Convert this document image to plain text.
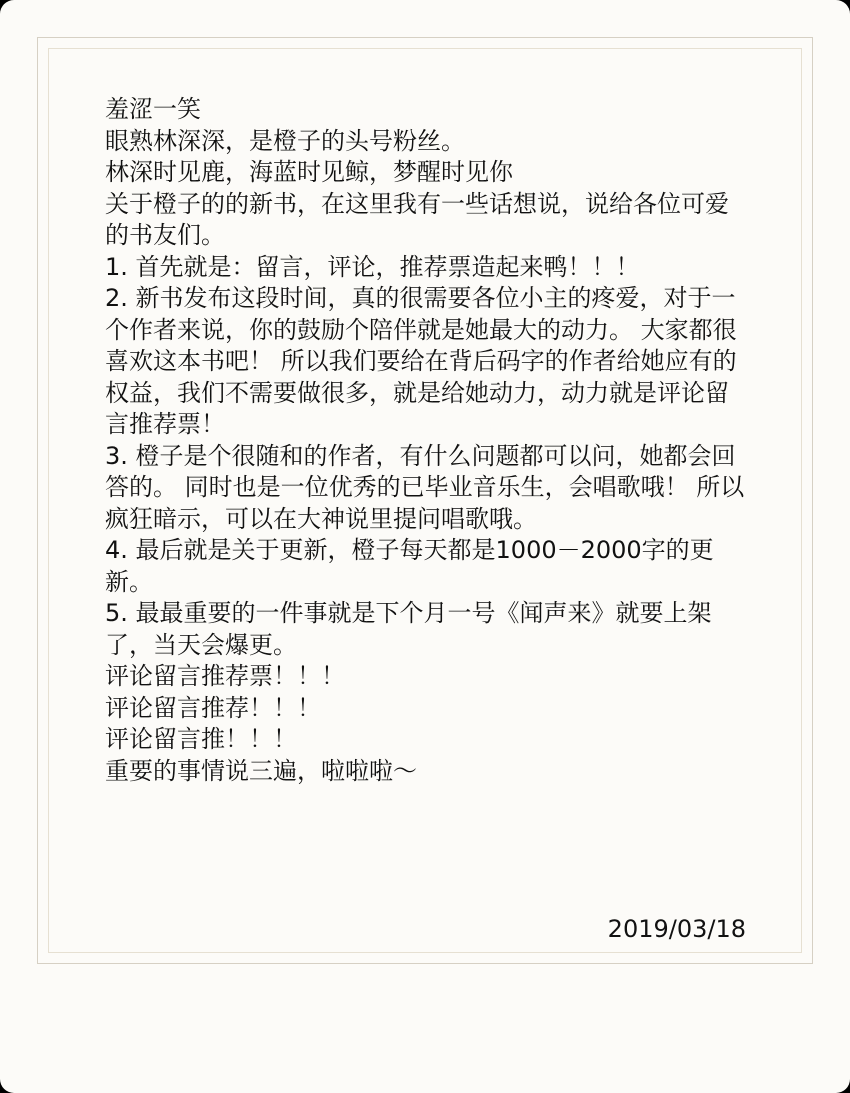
羞涩一笑

眼熟林深深，是橙子的头号粉丝。

林深时见鹿，海蓝时见鲸，梦醒时见你

关于橙子的的新书，在这里我有一些话想说，说给各位可爱的书友们。

1. 首先就是：留言，评论，推荐票造起来鸭！！！

2. 新书发布这段时间，真的很需要各位小主的疼爱，对于一个作者来说，你的鼓励个陪伴就是她最大的动力。 大家都很喜欢这本书吧！ 所以我们要给在背后码字的作者给她应有的权益，我们不需要做很多，就是给她动力，动力就是评论留言推荐票！

3. 橙子是个很随和的作者，有什么问题都可以问，她都会回答的。 同时也是一位优秀的已毕业音乐生，会唱歌哦！ 所以疯狂暗示，可以在大神说里提问唱歌哦。

4. 最后就是关于更新，橙子每天都是1000－2000字的更新。

5. 最最重要的一件事就是下个月一号《闻声来》就要上架了，当天会爆更。

评论留言推荐票！！！

评论留言推荐！！！

评论留言推！！！

重要的事情说三遍，啦啦啦～

2019/03/18
